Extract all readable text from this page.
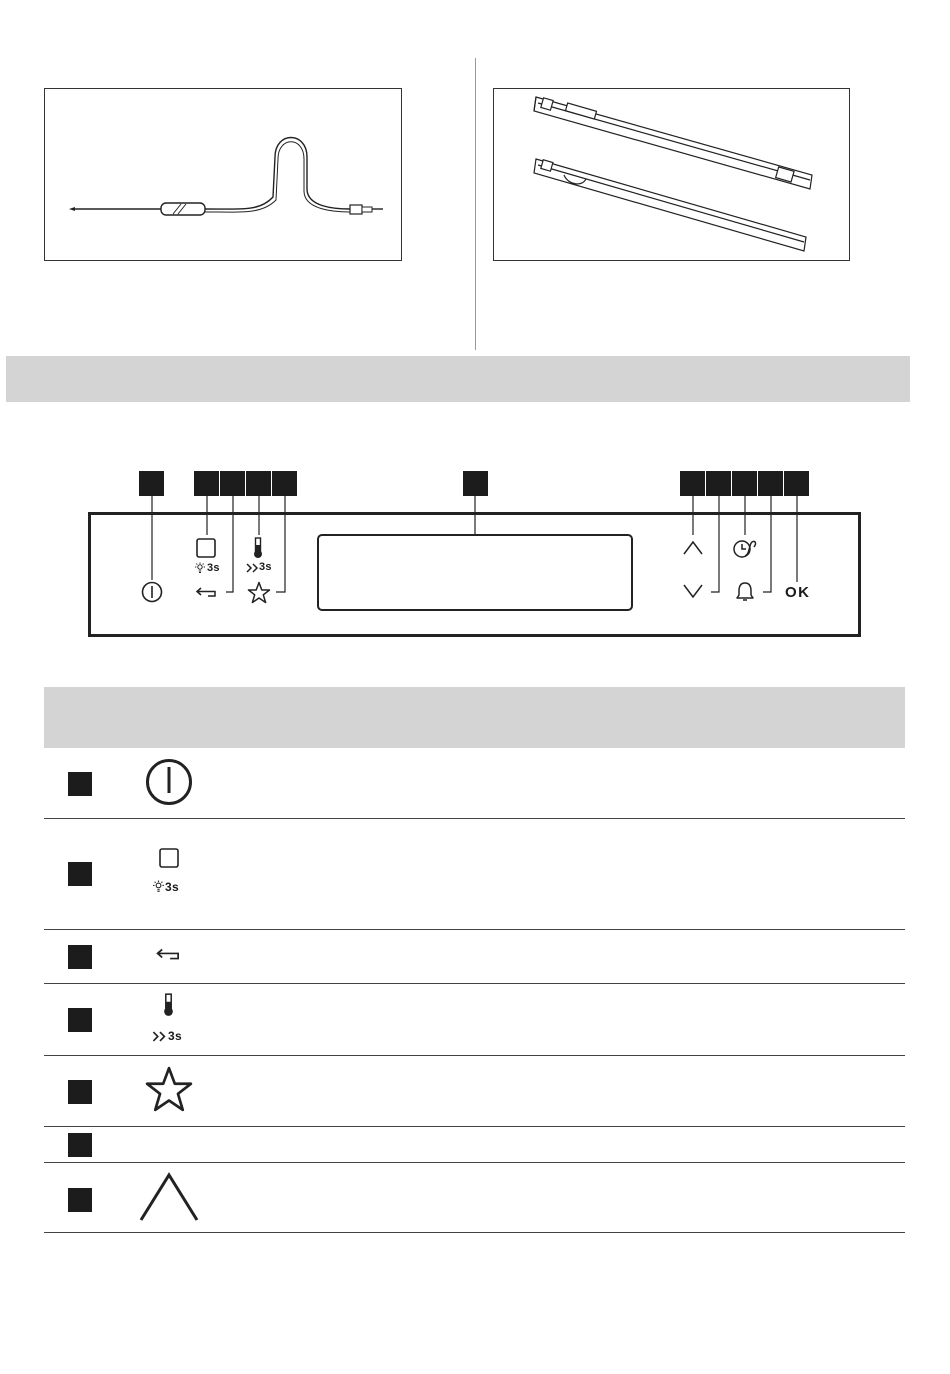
3s	3s
OK
3s
3s
